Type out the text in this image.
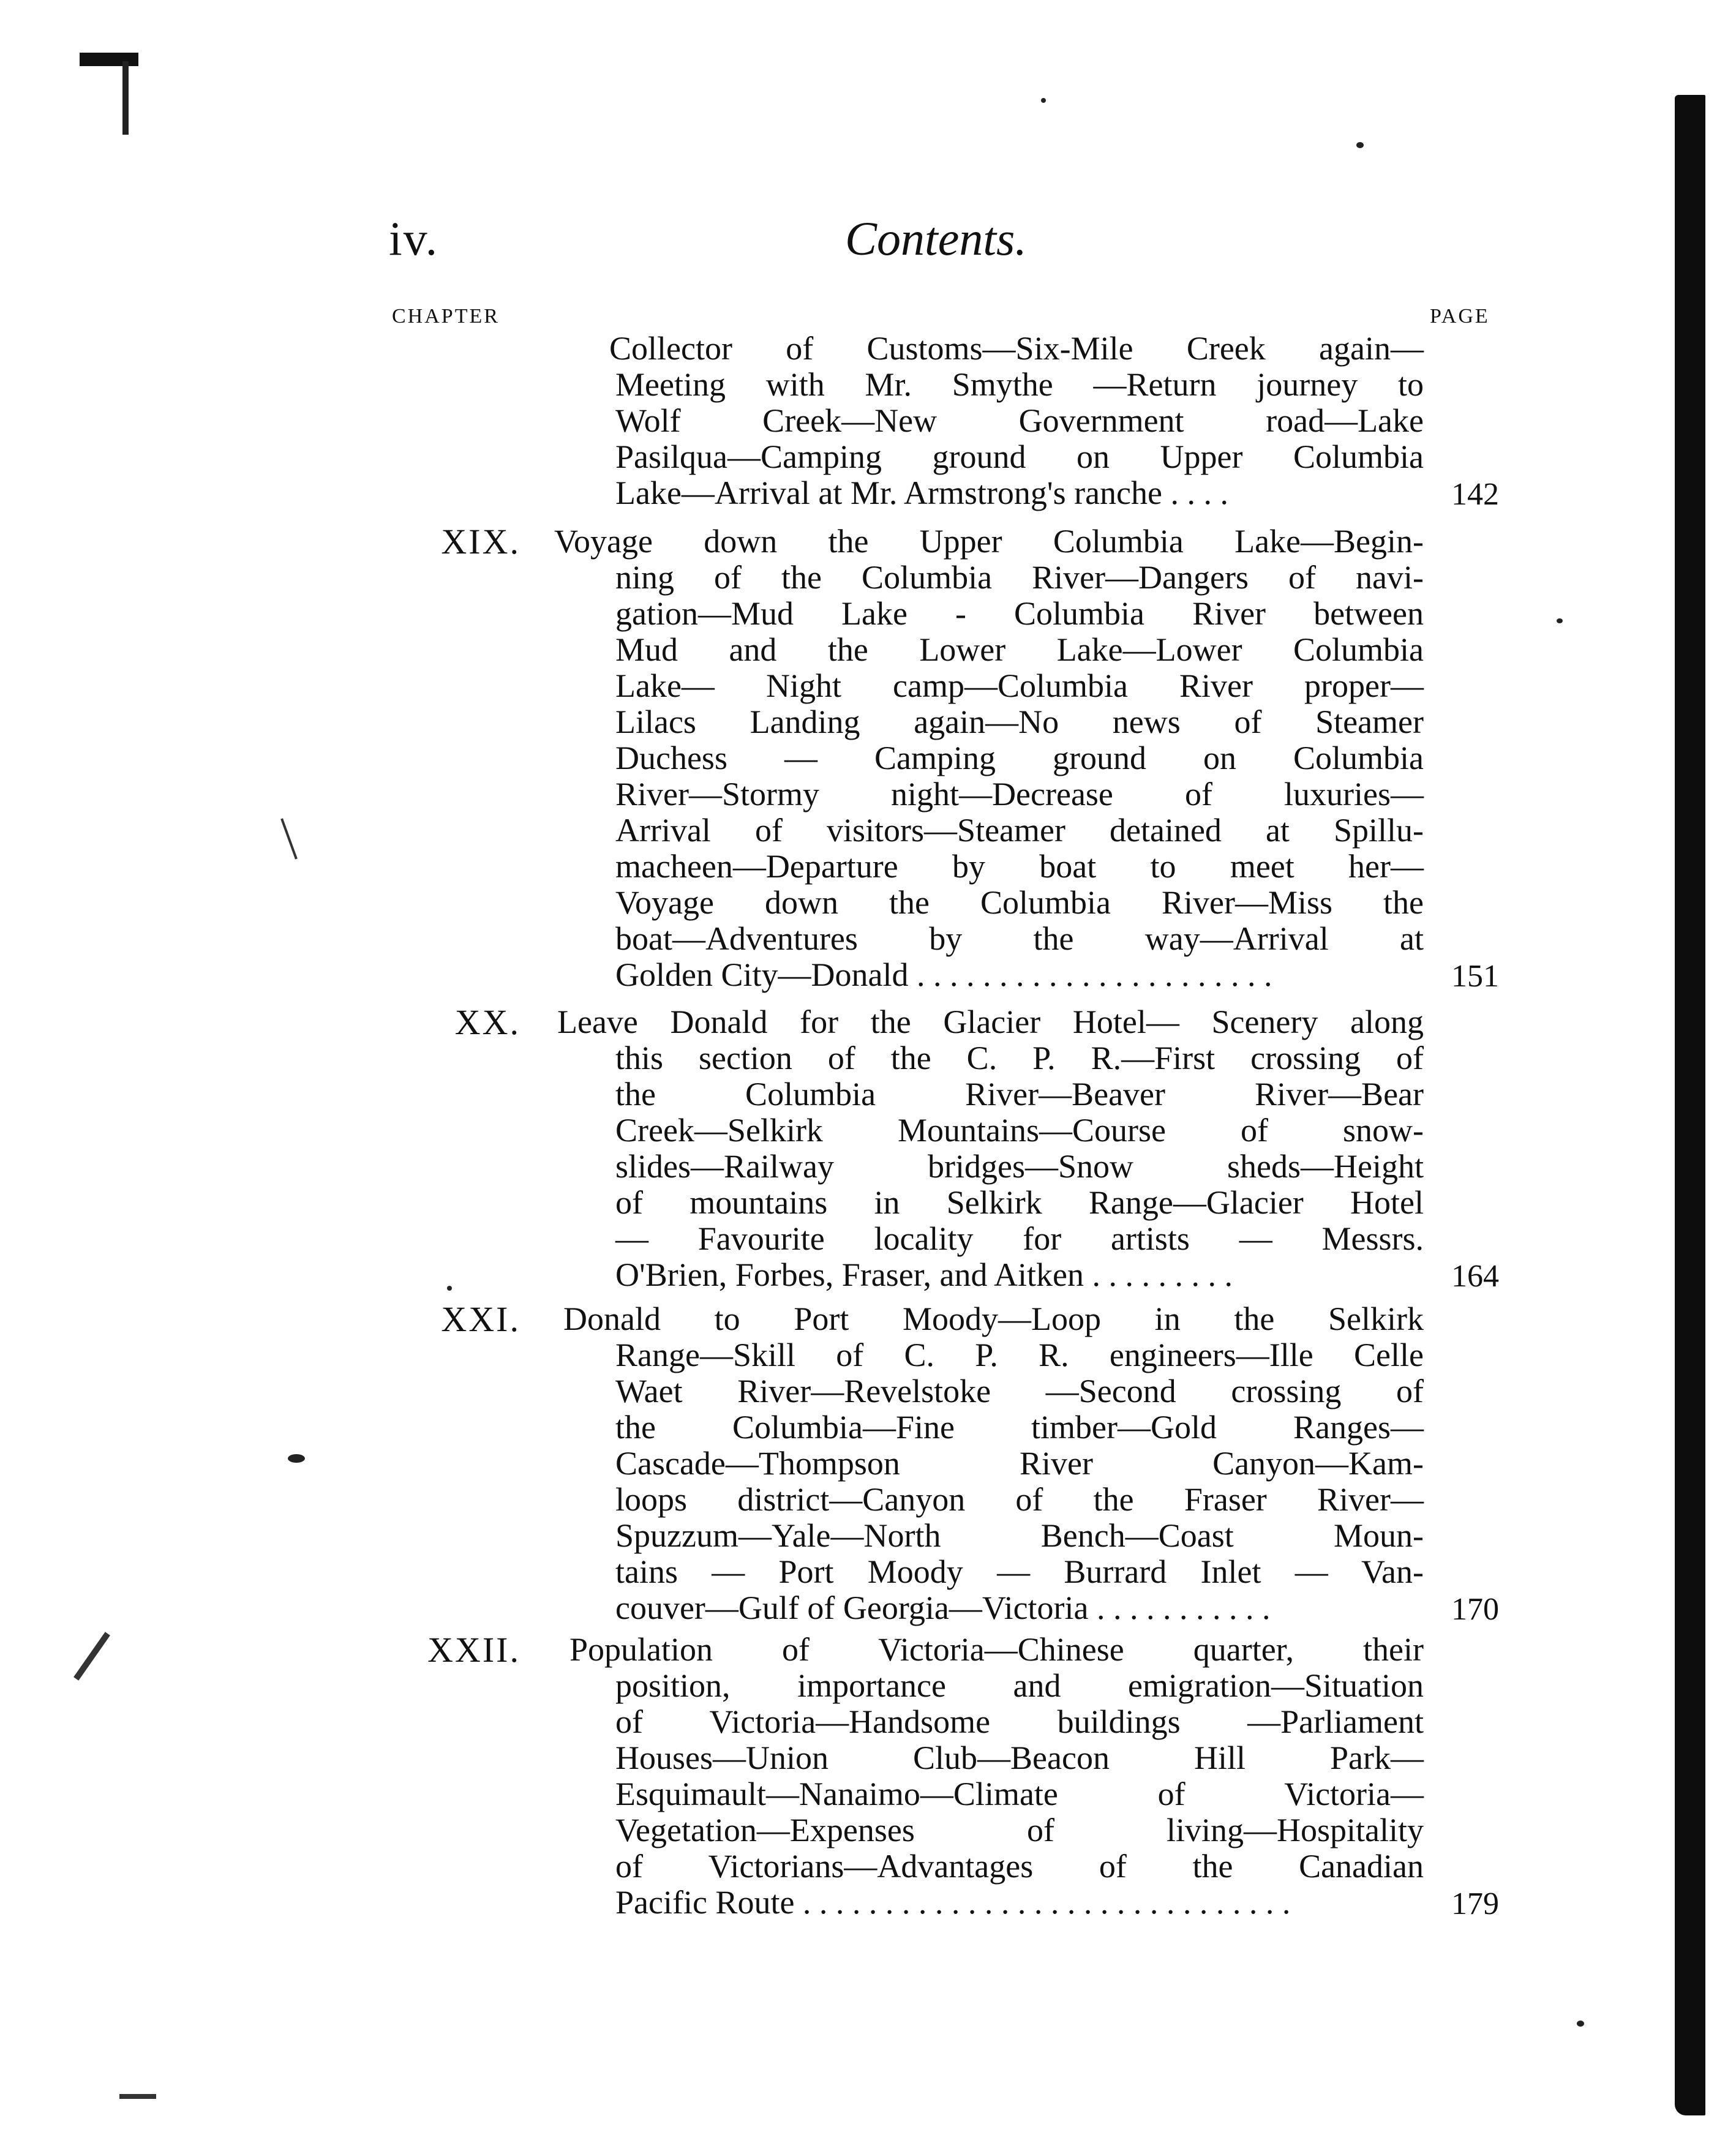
iv.	Contents.
CHAPTER	PAGE
Collector of Customs—Six-Mile Creek again—
Meeting with Mr. Smythe —Return journey to
Wolf Creek—New Government road—Lake
Pasilqua—Camping ground on Upper Columbia
Lake—Arrival at Mr. Armstrong's ranche . . . .	142
XIX. Voyage down the Upper Columbia Lake—Begin-
ning of the Columbia River—Dangers of navi-
gation—Mud Lake - Columbia River between
Mud and the Lower Lake—Lower Columbia
Lake— Night camp—Columbia River proper—
Lilacs Landing again—No news of Steamer
Duchess — Camping ground on Columbia
River—Stormy night—Decrease of luxuries—
Arrival of visitors—Steamer detained at Spillu-
macheen—Departure by boat to meet her—
Voyage down the Columbia River—Miss the
boat—Adventures by the way—Arrival at
Golden City—Donald . . . . . . . . . . . . . . . . . . . . . .	151
XX. Leave Donald for the Glacier Hotel— Scenery along
this section of the C. P. R.—First crossing of
the Columbia River—Beaver River—Bear
Creek—Selkirk Mountains—Course of snow-
slides—Railway bridges—Snow sheds—Height
of mountains in Selkirk Range—Glacier Hotel
— Favourite locality for artists — Messrs.
O'Brien, Forbes, Fraser, and Aitken . . . . . . . . .	164
XXI. Donald to Port Moody—Loop in the Selkirk
Range—Skill of C. P. R. engineers—Ille Celle
Waet River—Revelstoke —Second crossing of
the Columbia—Fine timber—Gold Ranges—
Cascade—Thompson River Canyon—Kam-
loops district—Canyon of the Fraser River—
Spuzzum—Yale—North Bench—Coast Moun-
tains — Port Moody — Burrard Inlet — Van-
couver—Gulf of Georgia—Victoria . . . . . . . . . . .	170
XXII. Population of Victoria—Chinese quarter, their
position, importance and emigration—Situation
of Victoria—Handsome buildings —Parliament
Houses—Union Club—Beacon Hill Park—
Esquimault—Nanaimo—Climate of Victoria—
Vegetation—Expenses of living—Hospitality
of Victorians—Advantages of the Canadian
Pacific Route . . . . . . . . . . . . . . . . . . . . . . . . . . . . . .	179
